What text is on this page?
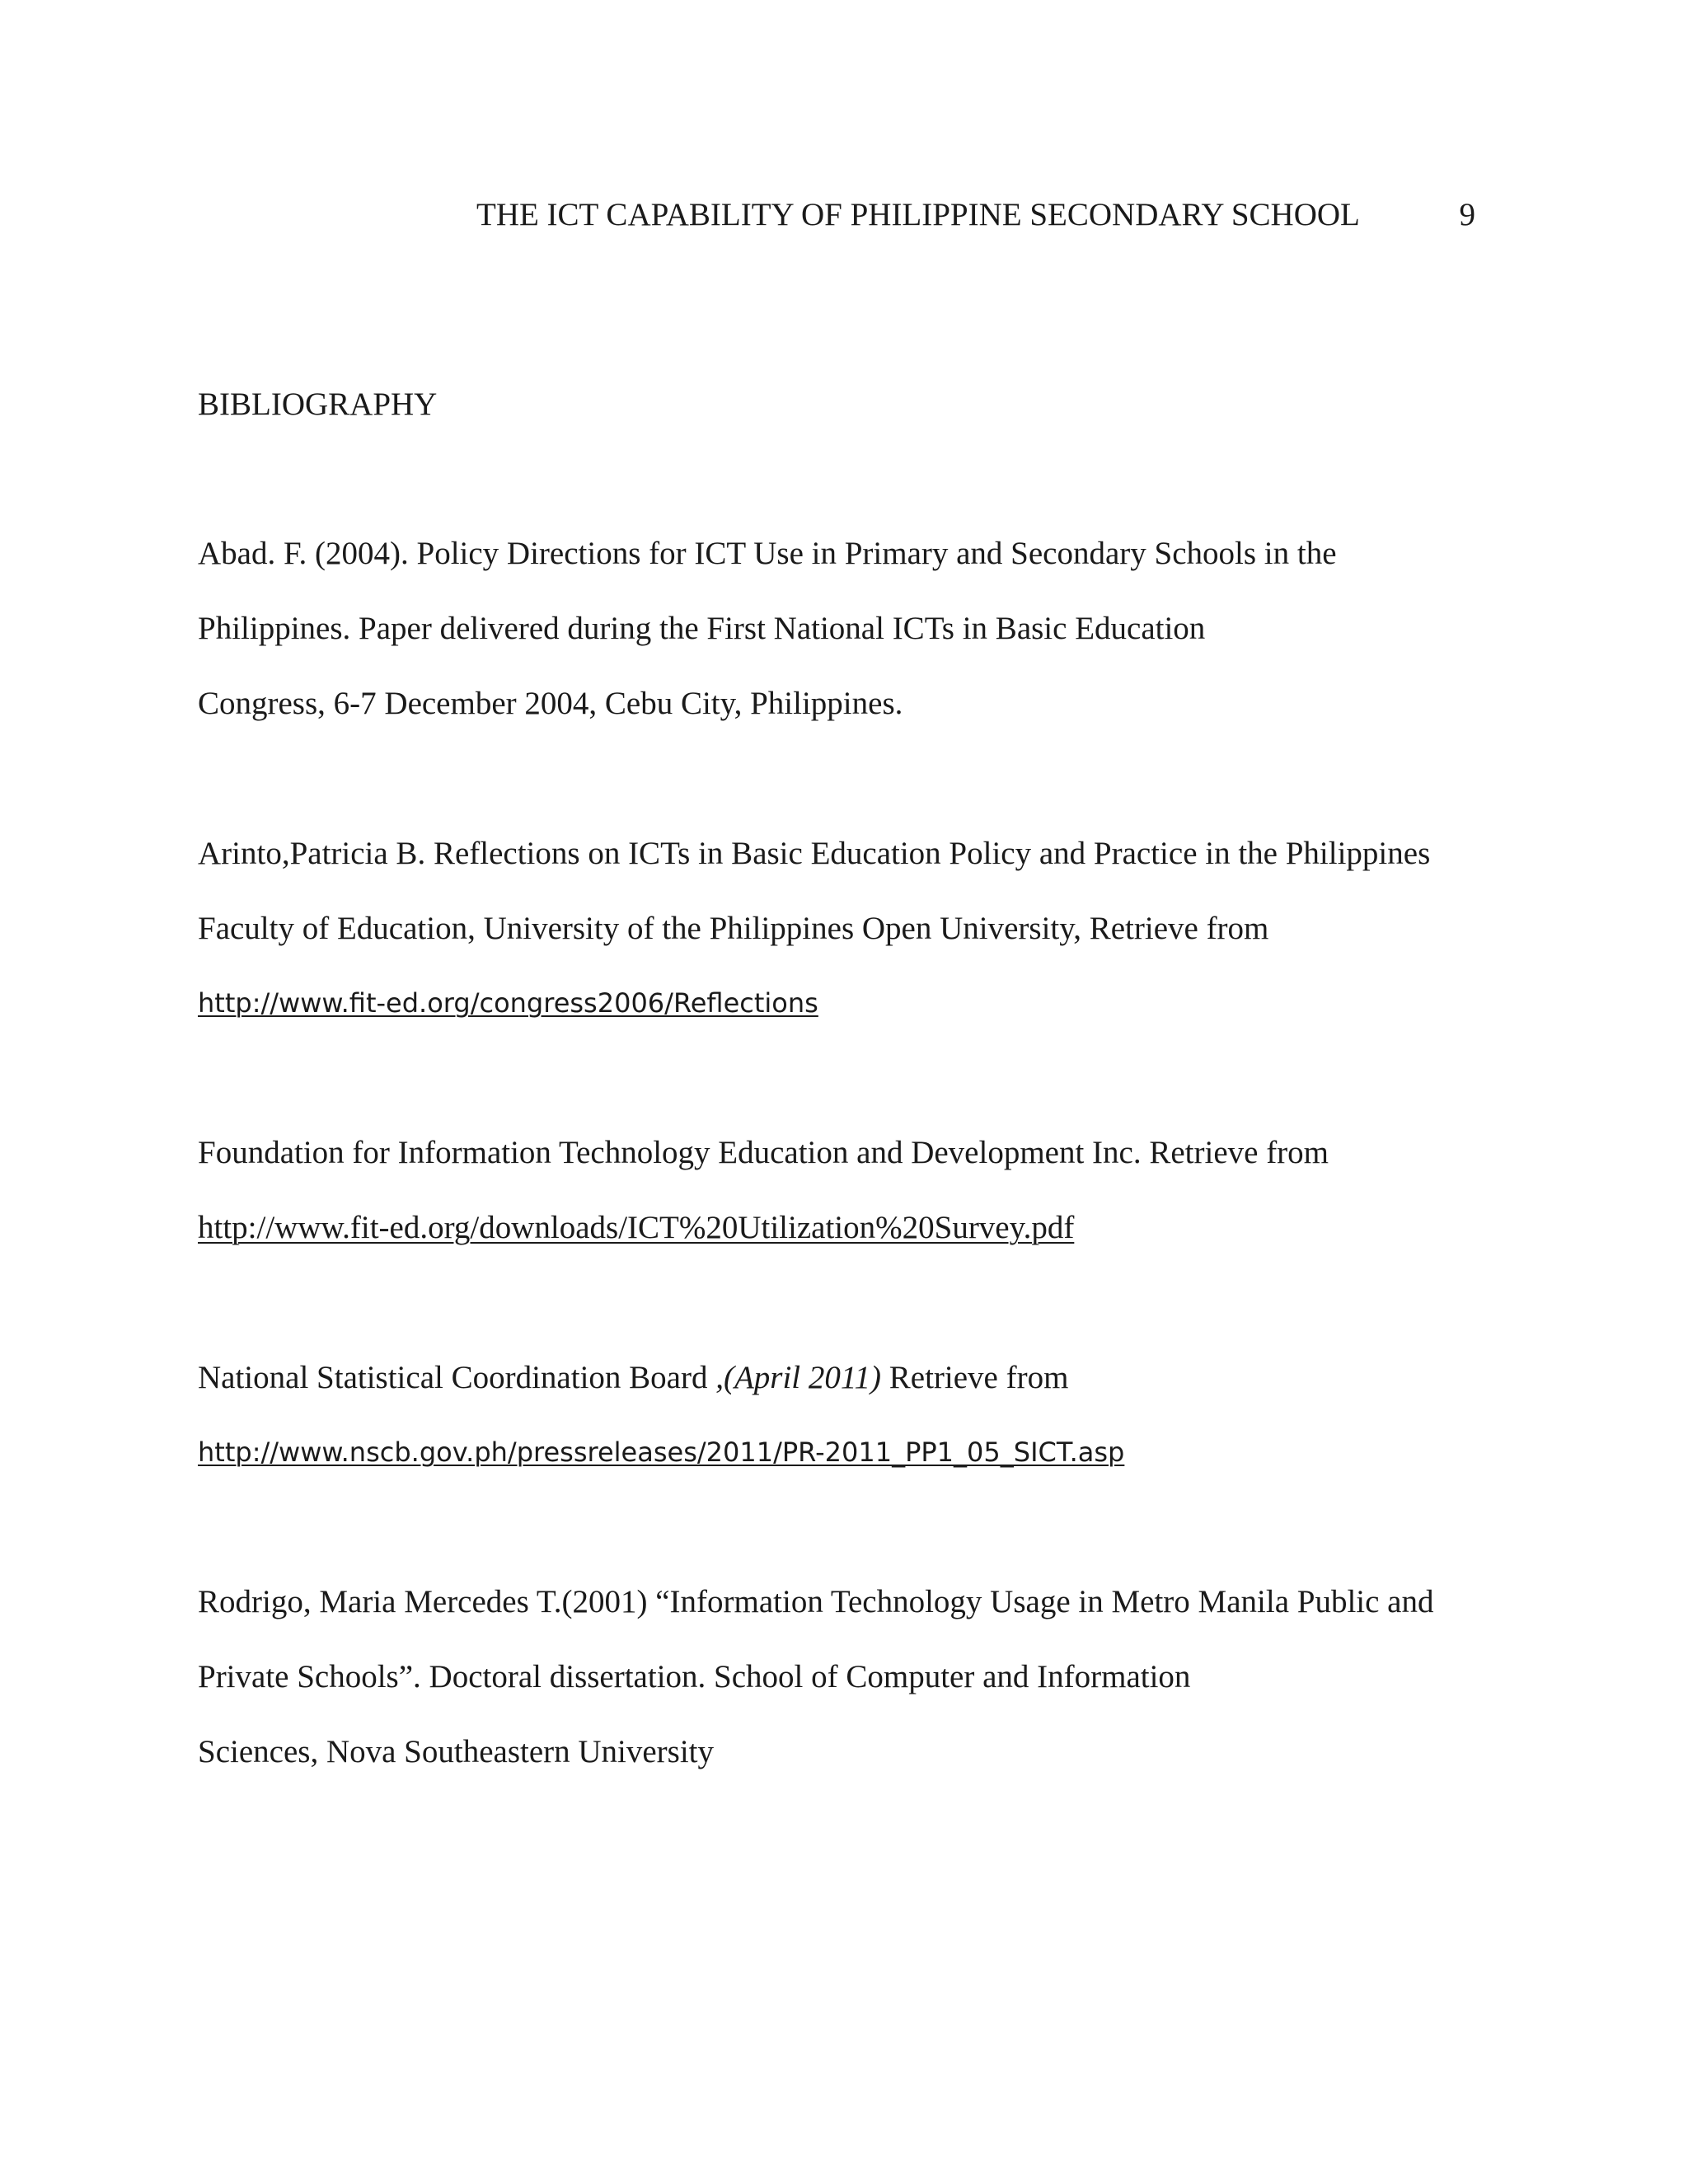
THE ICT CAPABILITY OF PHILIPPINE SECONDARY SCHOOL	9
BIBLIOGRAPHY
Abad. F. (2004). Policy Directions for ICT Use in Primary and Secondary Schools in the
Philippines. Paper delivered during the First National ICTs in Basic Education
Congress, 6-7 December 2004, Cebu City, Philippines.
Arinto,Patricia B. Reflections on ICTs in Basic Education Policy and Practice in the Philippines
Faculty of Education, University of the Philippines Open University, Retrieve from
http://www.fit-ed.org/congress2006/Reflections
Foundation for Information Technology Education and Development Inc. Retrieve from
http://www.fit-ed.org/downloads/ICT%20Utilization%20Survey.pdf
National Statistical Coordination Board ,(April 2011) Retrieve from
http://www.nscb.gov.ph/pressreleases/2011/PR-2011_PP1_05_SICT.asp
Rodrigo, Maria Mercedes T.(2001) “Information Technology Usage in Metro Manila Public and
Private Schools”. Doctoral dissertation. School of Computer and Information
Sciences, Nova Southeastern University
